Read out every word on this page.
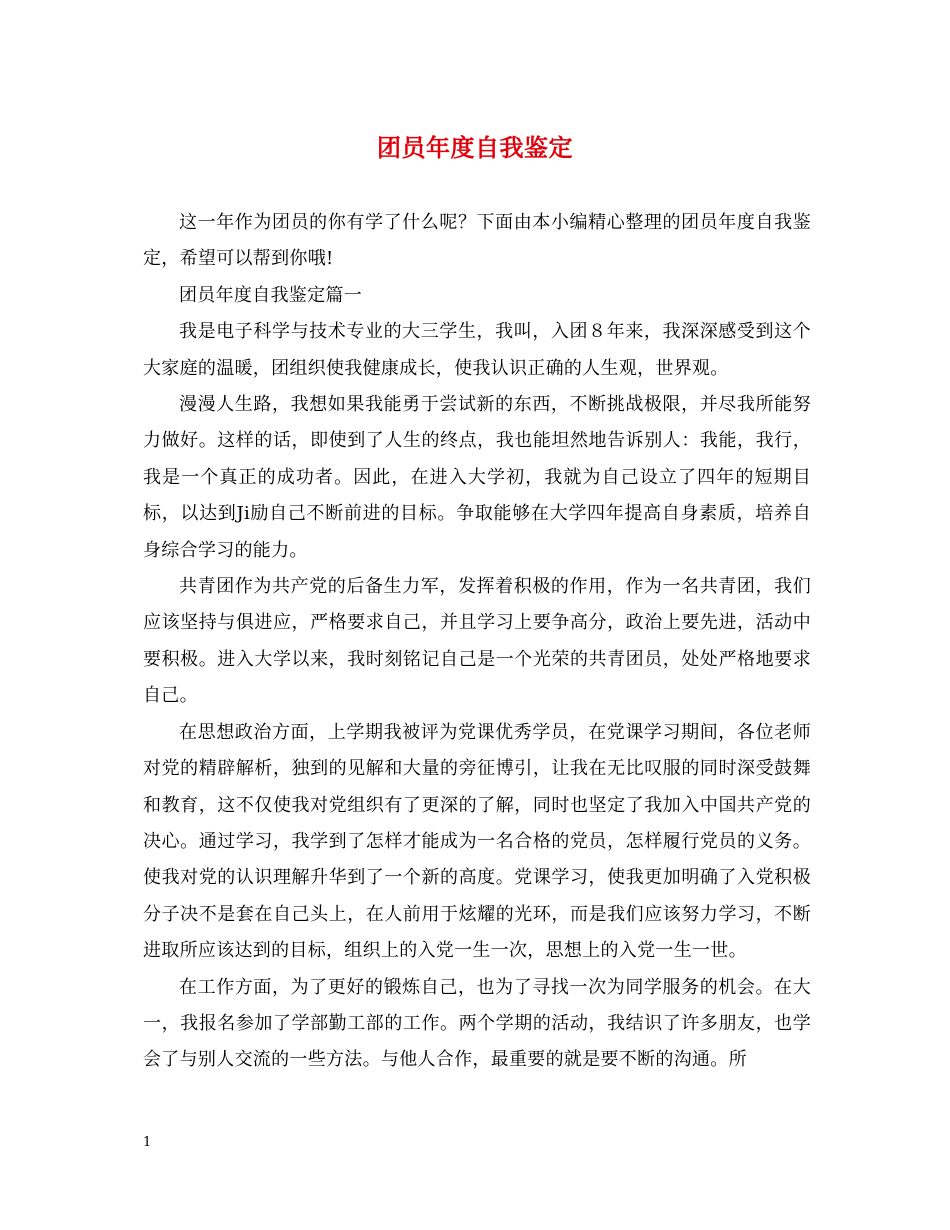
团员年度自我鉴定

这一年作为团员的你有学了什么呢？下面由本小编精心整理的团员年度自我鉴定，希望可以帮到你哦!

团员年度自我鉴定篇一

我是电子科学与技术专业的大三学生，我叫，入团８年来，我深深感受到这个大家庭的温暖，团组织使我健康成长，使我认识正确的人生观，世界观。

漫漫人生路，我想如果我能勇于尝试新的东西，不断挑战极限，并尽我所能努力做好。这样的话，即使到了人生的终点，我也能坦然地告诉别人：我能，我行，我是一个真正的成功者。因此，在进入大学初，我就为自己设立了四年的短期目标，以达到Ji励自己不断前进的目标。争取能够在大学四年提高自身素质，培养自身综合学习的能力。

共青团作为共产党的后备生力军，发挥着积极的作用，作为一名共青团，我们应该坚持与俱进应，严格要求自己，并且学习上要争高分，政治上要先进，活动中要积极。进入大学以来，我时刻铭记自己是一个光荣的共青团员，处处严格地要求自己。

在思想政治方面，上学期我被评为党课优秀学员，在党课学习期间，各位老师对党的精辟解析，独到的见解和大量的旁征博引，让我在无比叹服的同时深受鼓舞和教育，这不仅使我对党组织有了更深的了解，同时也坚定了我加入中国共产党的决心。通过学习，我学到了怎样才能成为一名合格的党员，怎样履行党员的义务。使我对党的认识理解升华到了一个新的高度。党课学习，使我更加明确了入党积极分子决不是套在自己头上，在人前用于炫耀的光环，而是我们应该努力学习，不断进取所应该达到的目标，组织上的入党一生一次，思想上的入党一生一世。

在工作方面，为了更好的锻炼自己，也为了寻找一次为同学服务的机会。在大一，我报名参加了学部勤工部的工作。两个学期的活动，我结识了许多朋友，也学会了与别人交流的一些方法。与他人合作，最重要的就是要不断的沟通。所

1
